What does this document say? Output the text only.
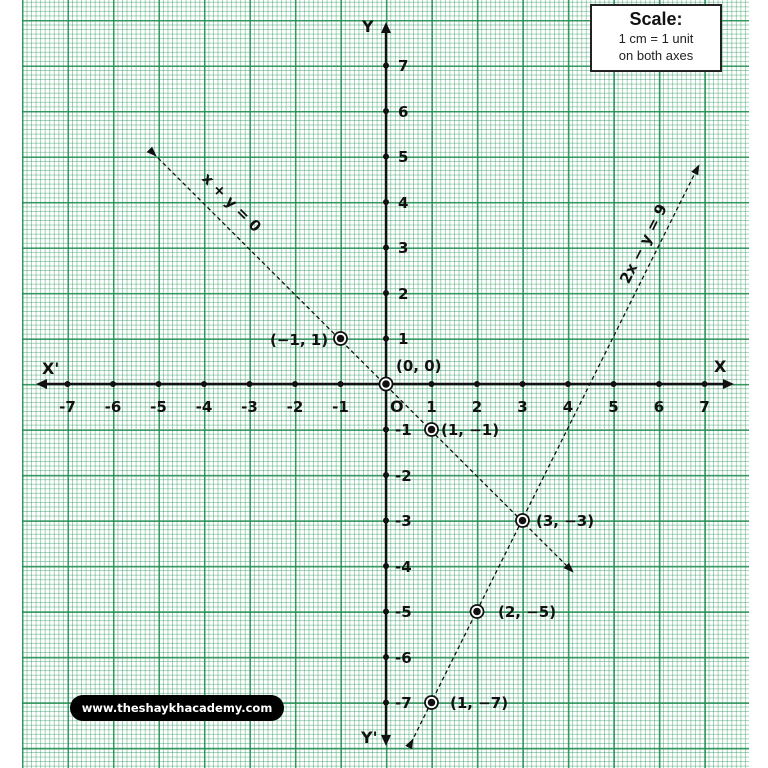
X'	X
Y
Y'
O
-7 -6 -5 -4 -3 -2 -1	1 2 3 4 5 6 7
7
6
5
4
3
2
1
-1
-2
-3
-4
-5
-6
-7
(−1, 1)
(0, 0)
(1, −1)
(3, −3)
(2, −5)
(1, −7)
x + y = 0	2x − y = 9
Scale:
1 cm = 1 unit
on both axes
www.theshaykhacademy.com
